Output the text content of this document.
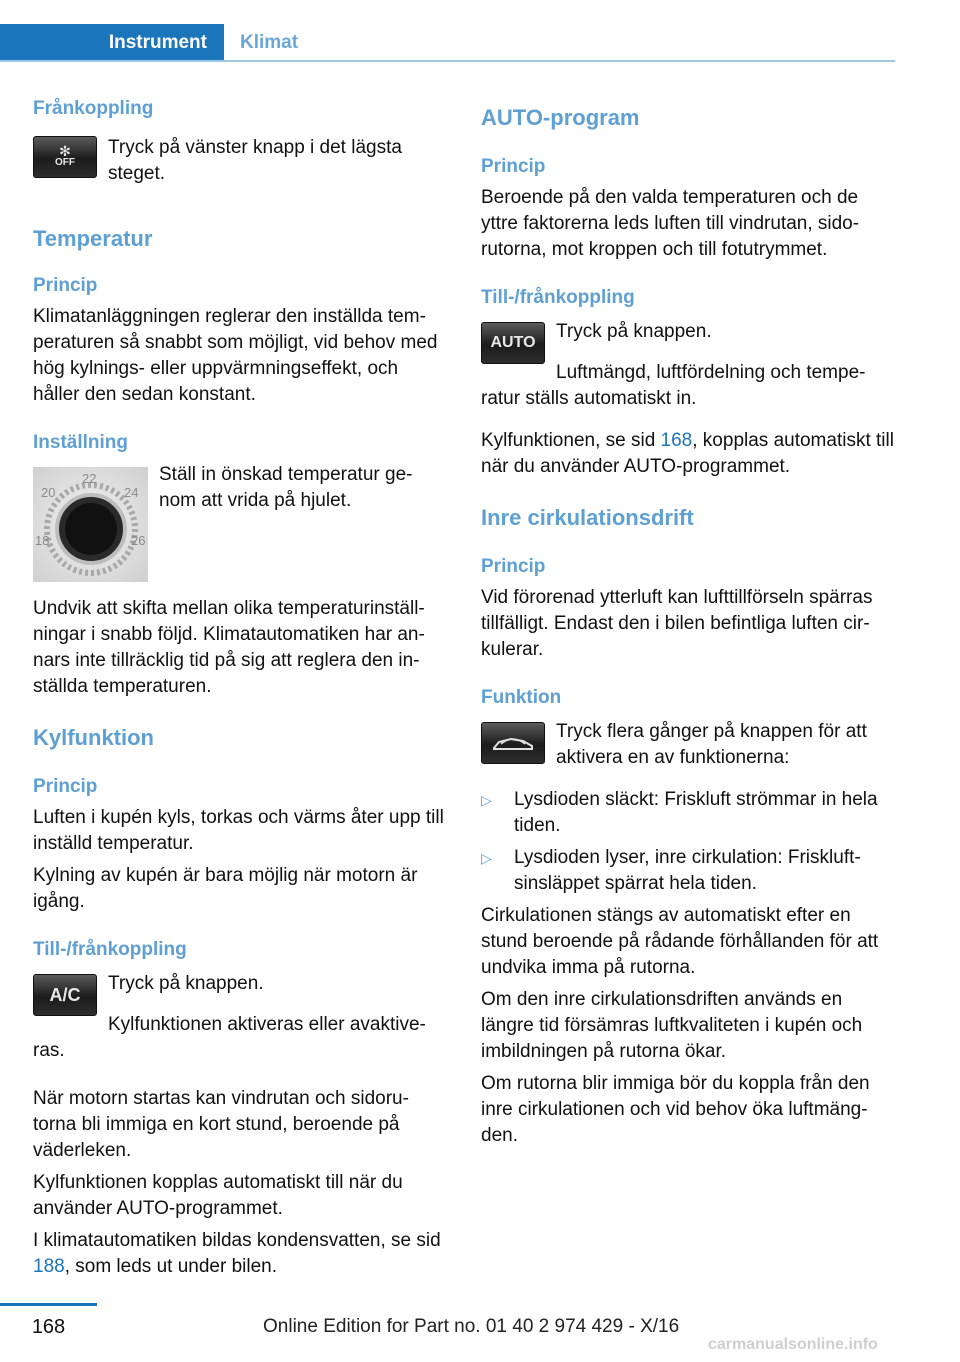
Instrument	Klimat
Frånkoppling
✻
OFF

Tryck på vänster knapp i det lägsta steget.

Temperatur
Princip

Klimatanläggningen reglerar den inställda tem‐peraturen så snabbt som möjligt, vid behov med hög kylnings- eller uppvärmningseffekt, och håller den sedan konstant.

Inställning
20
22
24
18	26

Ställ in önskad temperatur ge‐nom att vrida på hjulet.

Undvik att skifta mellan olika temperaturinställ‐ningar i snabb följd. Klimatautomatiken har an‐nars inte tillräcklig tid på sig att reglera den in‐ställda temperaturen.

Kylfunktion
Princip

Luften i kupén kyls, torkas och värms åter upp till inställd temperatur.

Kylning av kupén är bara möjlig när motorn är igång.

Till-/frånkoppling
A/C

Tryck på knappen.

Kylfunktionen aktiveras eller avaktive‐ras.

När motorn startas kan vindrutan och sidoru‐torna bli immiga en kort stund, beroende på väderleken.

Kylfunktionen kopplas automatiskt till när du använder AUTO-programmet.

I klimatautomatiken bildas kondensvatten, se sid 188, som leds ut under bilen.

AUTO-program
Princip

Beroende på den valda temperaturen och de yttre faktorerna leds luften till vindrutan, sido‐rutorna, mot kroppen och till fotutrymmet.

Till-/frånkoppling
AUTO

Tryck på knappen.

Luftmängd, luftfördelning och tempe‐ratur ställs automatiskt in.

Kylfunktionen, se sid 168, kopplas automatiskt till när du använder AUTO-programmet.

Inre cirkulationsdrift
Princip

Vid förorenad ytterluft kan lufttillförseln spärras tillfälligt. Endast den i bilen befintliga luften cir‐kulerar.

Funktion

Tryck flera gånger på knappen för att aktivera en av funktionerna:

▷ Lysdioden släckt: Friskluft strömmar in hela tiden.
▷ Lysdioden lyser, inre cirkulation: Friskluft‐sinsläppet spärrat hela tiden.

Cirkulationen stängs av automatiskt efter en stund beroende på rådande förhållanden för att undvika imma på rutorna.

Om den inre cirkulationsdriften används en längre tid försämras luftkvaliteten i kupén och imbildningen på rutorna ökar.

Om rutorna blir immiga bör du koppla från den inre cirkulationen och vid behov öka luftmäng‐den.

168	Online Edition for Part no. 01 40 2 974 429 - X/16
carmanualsonline.info
